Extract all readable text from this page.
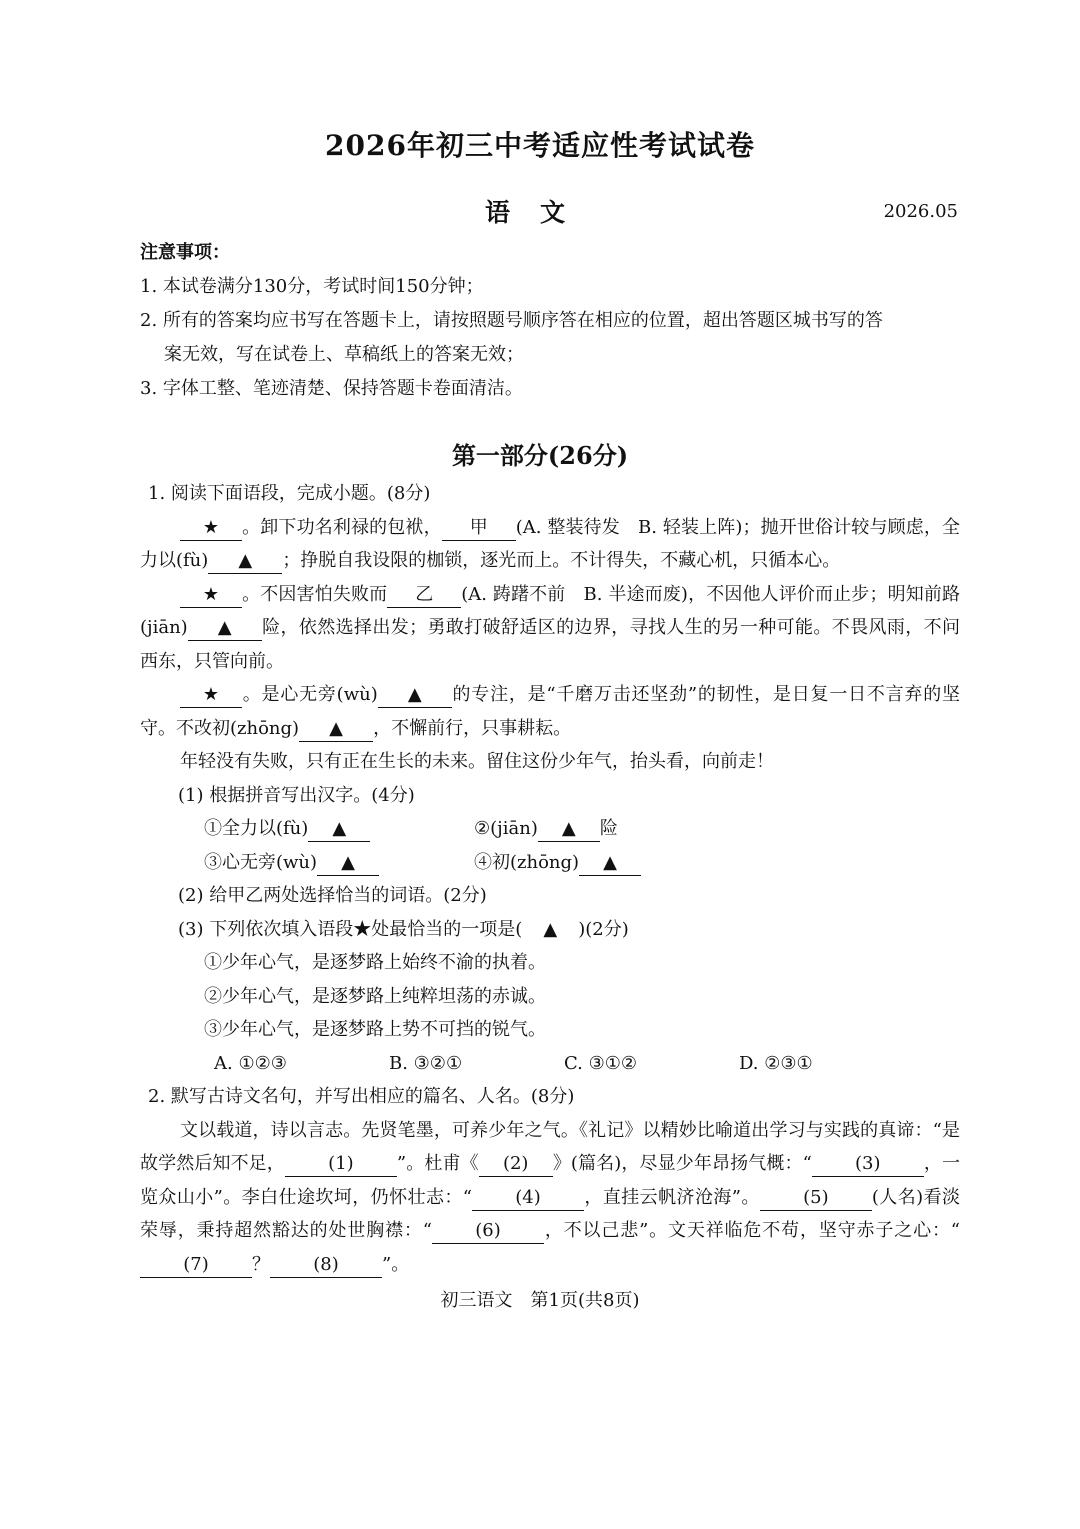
2026年初三中考适应性考试试卷
语文	2026.05
注意事项：
1. 本试卷满分130分，考试时间150分钟；
2. 所有的答案均应书写在答题卡上，请按照题号顺序答在相应的位置，超出答题区城书写的答
案无效，写在试卷上、草稿纸上的答案无效；
3. 字体工整、笔迹清楚、保持答题卡卷面清洁。
第一部分(26分)

1. 阅读下面语段，完成小题。(8分)

★ 。卸下功名利禄的包袱， 甲 (A. 整装待发　B. 轻装上阵)；抛开世俗计较与顾虑，全力以(fù) ▲ ；挣脱自我设限的枷锁，逐光而上。不计得失，不藏心机，只循本心。

★ 。不因害怕失败而 乙 (A. 踌躇不前　B. 半途而废)，不因他人评价而止步；明知前路(jiān) ▲ 险，依然选择出发；勇敢打破舒适区的边界，寻找人生的另一种可能。不畏风雨，不问西东，只管向前。

★ 。是心无旁(wù) ▲ 的专注，是“千磨万击还坚劲”的韧性，是日复一日不言弃的坚守。不改初(zhōng) ▲ ，不懈前行，只事耕耘。

年轻没有失败，只有正在生长的未来。留住这份少年气，抬头看，向前走！

(1) 根据拼音写出汉字。(4分)

①全力以(fù) ▲	②(jiān) ▲ 险
③心无旁(wù) ▲	④初(zhōng) ▲

(2) 给甲乙两处选择恰当的词语。(2分)

(3) 下列依次填入语段★处最恰当的一项是( ▲ )(2分)

①少年心气，是逐梦路上始终不渝的执着。

②少年心气，是逐梦路上纯粹坦荡的赤诚。

③少年心气，是逐梦路上势不可挡的锐气。

A. ①②③	B. ③②①	C. ③①②	D. ②③①

2. 默写古诗文名句，并写出相应的篇名、人名。(8分)

文以载道，诗以言志。先贤笔墨，可养少年之气。《礼记》以精妙比喻道出学习与实践的真谛：“是故学然后知不足， (1) ”。杜甫《 (2) 》(篇名)，尽显少年昂扬气概：“ (3) ，一览众山小”。李白仕途坎坷，仍怀壮志：“ (4) ，直挂云帆济沧海”。 (5) (人名)看淡荣辱，秉持超然豁达的处世胸襟：“ (6) ，不以己悲”。文天祥临危不苟，坚守赤子之心：“(7) ？ (8) ”。

初三语文　第1页(共8页)
